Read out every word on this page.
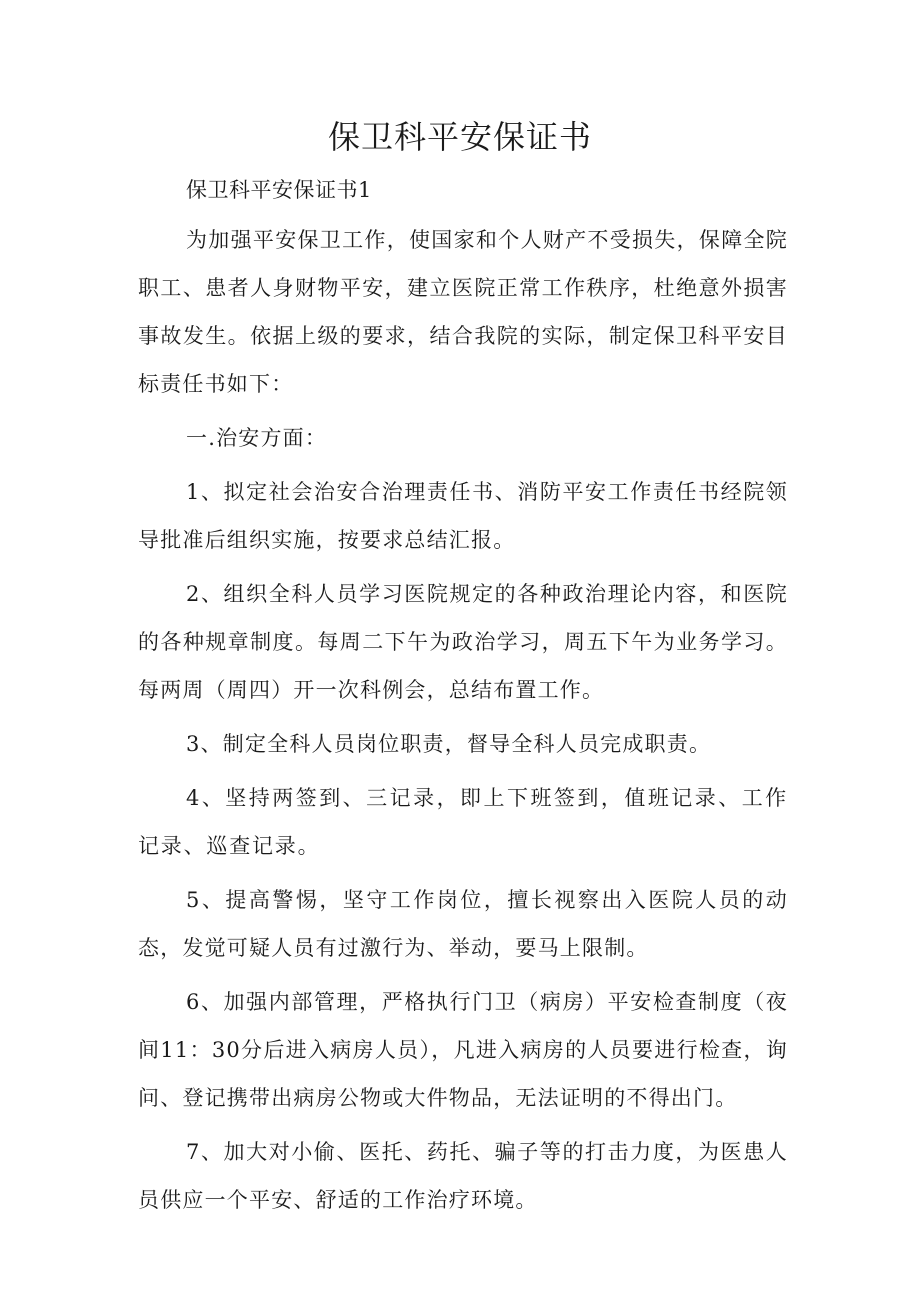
保卫科平安保证书

保卫科平安保证书1

为加强平安保卫工作，使国家和个人财产不受损失，保障全院职工、患者人身财物平安，建立医院正常工作秩序，杜绝意外损害事故发生。依据上级的要求，结合我院的实际，制定保卫科平安目标责任书如下：

一.治安方面：

1、拟定社会治安合治理责任书、消防平安工作责任书经院领导批准后组织实施，按要求总结汇报。

2、组织全科人员学习医院规定的各种政治理论内容，和医院的各种规章制度。每周二下午为政治学习，周五下午为业务学习。每两周（周四）开一次科例会，总结布置工作。

3、制定全科人员岗位职责，督导全科人员完成职责。

4、坚持两签到、三记录，即上下班签到，值班记录、工作记录、巡查记录。

5、提高警惕，坚守工作岗位，擅长视察出入医院人员的动态，发觉可疑人员有过激行为、举动，要马上限制。

6、加强内部管理，严格执行门卫（病房）平安检查制度（夜间11：30分后进入病房人员），凡进入病房的人员要进行检查，询问、登记携带出病房公物或大件物品，无法证明的不得出门。

7、加大对小偷、医托、药托、骗子等的打击力度，为医患人员供应一个平安、舒适的工作治疗环境。
